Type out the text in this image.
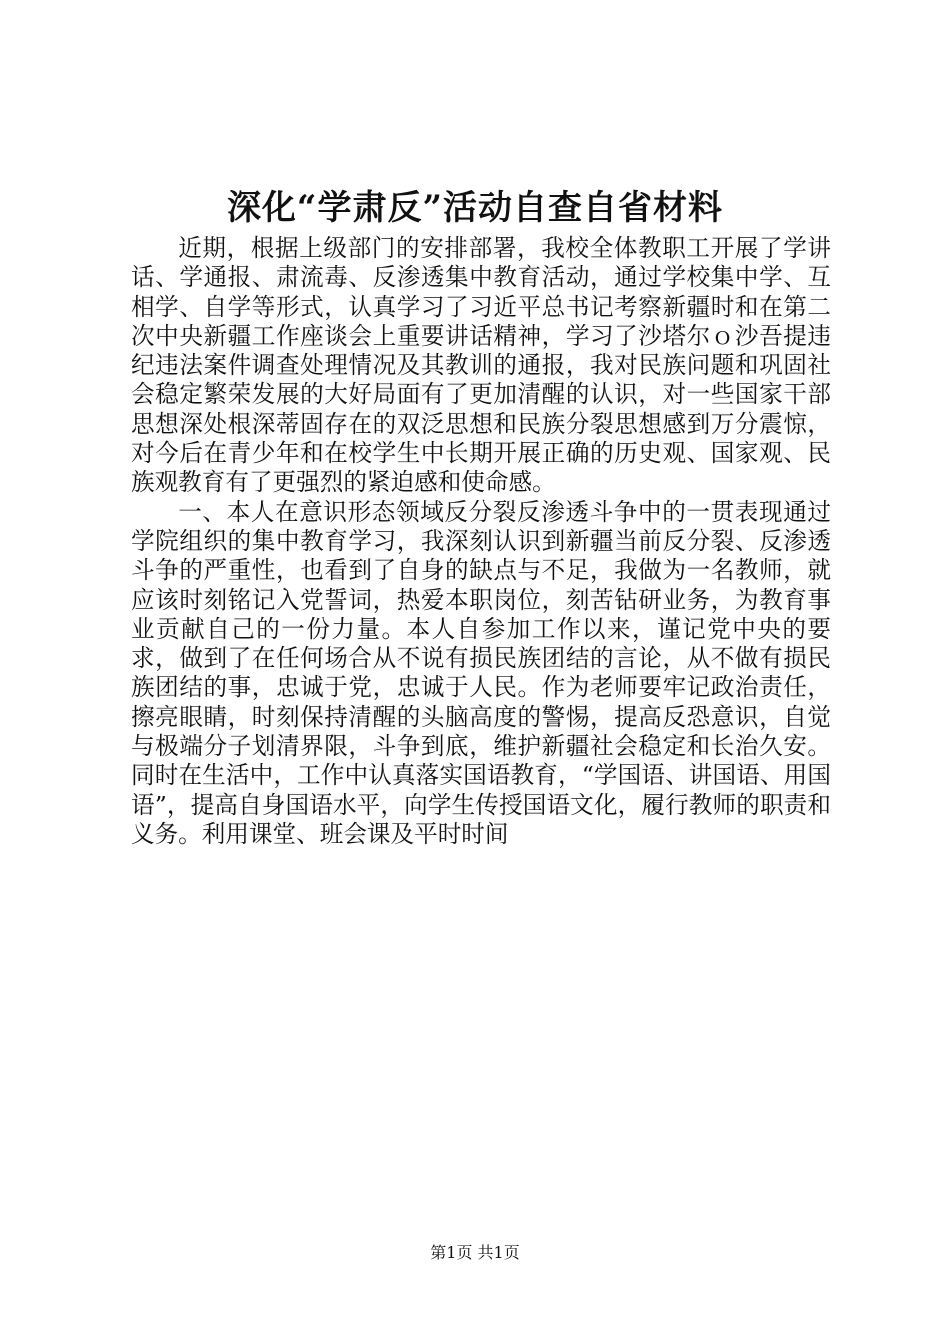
深化“学肃反”活动自查自省材料

近期，根据上级部门的安排部署，我校全体教职工开展了学讲话、学通报、肃流毒、反渗透集中教育活动，通过学校集中学、互相学、自学等形式，认真学习了习近平总书记考察新疆时和在第二次中央新疆工作座谈会上重要讲话精神，学习了沙塔尔ｏ沙吾提违纪违法案件调查处理情况及其教训的通报，我对民族问题和巩固社会稳定繁荣发展的大好局面有了更加清醒的认识，对一些国家干部思想深处根深蒂固存在的双泛思想和民族分裂思想感到万分震惊，对今后在青少年和在校学生中长期开展正确的历史观、国家观、民族观教育有了更强烈的紧迫感和使命感。

一、本人在意识形态领域反分裂反渗透斗争中的一贯表现通过学院组织的集中教育学习，我深刻认识到新疆当前反分裂、反渗透斗争的严重性，也看到了自身的缺点与不足，我做为一名教师，就应该时刻铭记入党誓词，热爱本职岗位，刻苦钻研业务，为教育事业贡献自己的一份力量。本人自参加工作以来，谨记党中央的要求，做到了在任何场合从不说有损民族团结的言论，从不做有损民族团结的事，忠诚于党，忠诚于人民。作为老师要牢记政治责任，擦亮眼睛，时刻保持清醒的头脑高度的警惕，提高反恐意识，自觉与极端分子划清界限，斗争到底，维护新疆社会稳定和长治久安。同时在生活中，工作中认真落实国语教育，“学国语、讲国语、用国语”，提高自身国语水平，向学生传授国语文化，履行教师的职责和义务。利用课堂、班会课及平时时间

第1页 共1页
